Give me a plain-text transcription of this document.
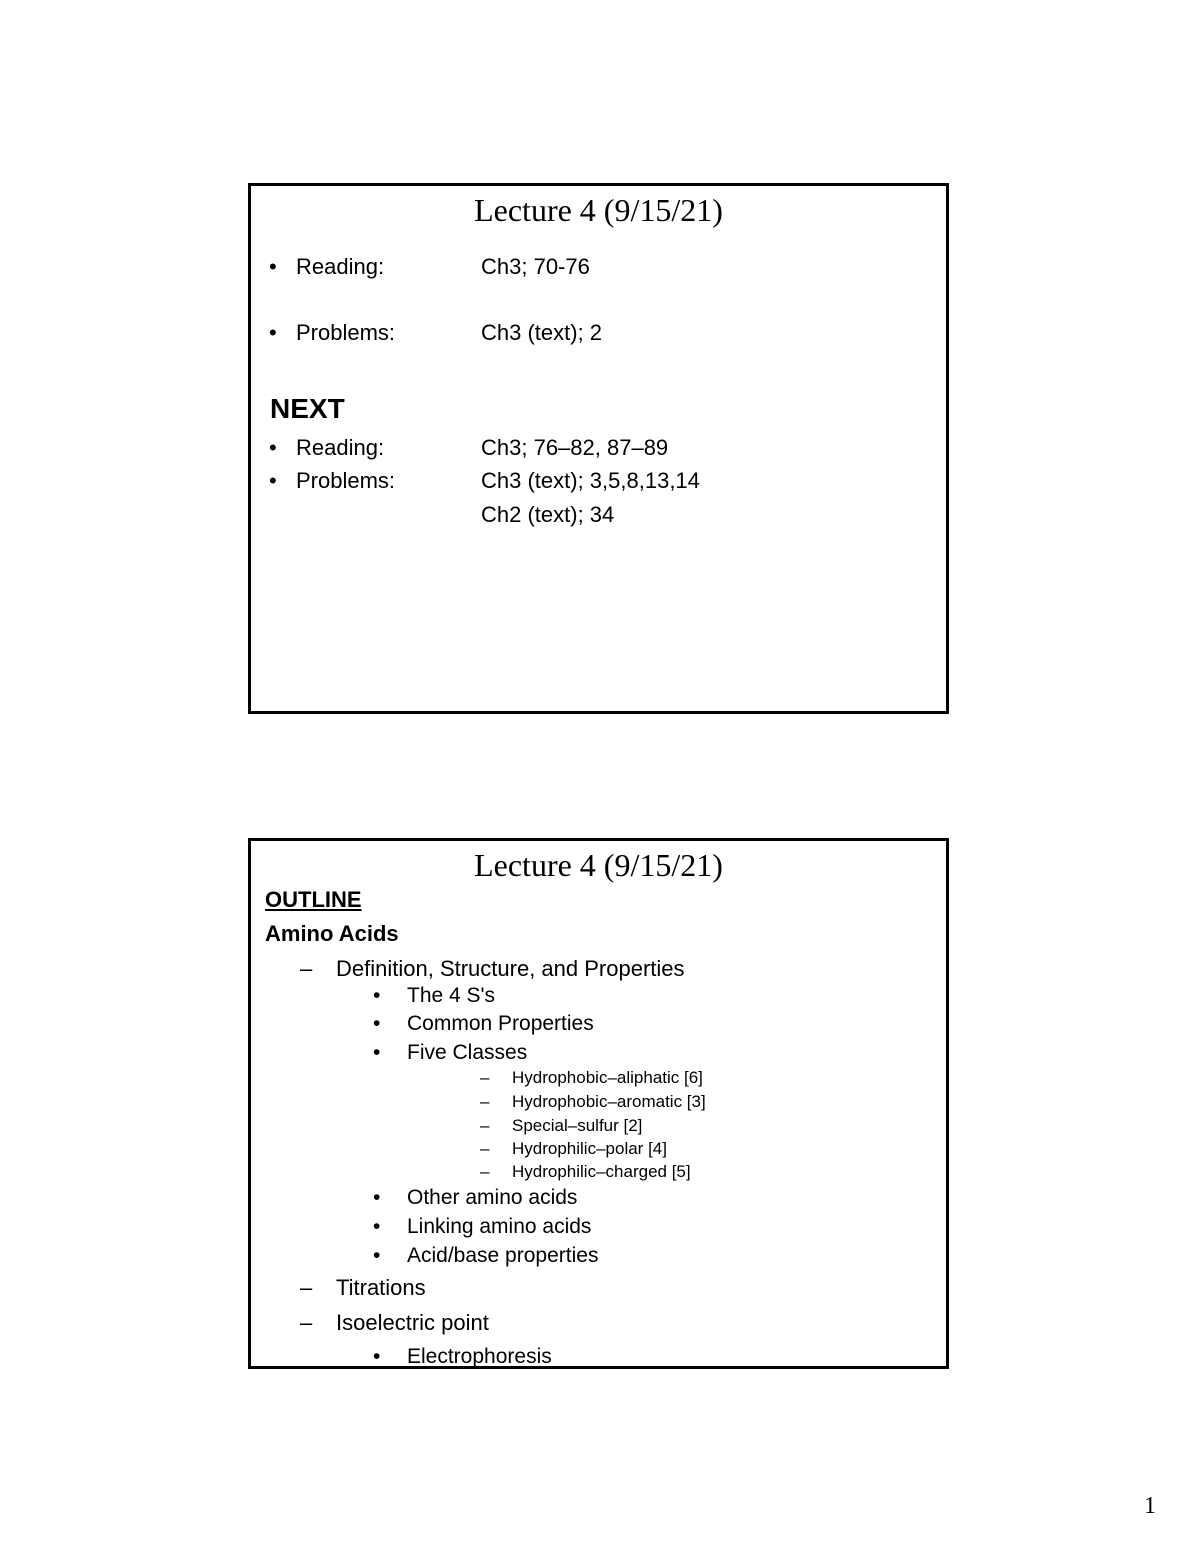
Lecture 4 (9/15/21)
• Reading:	Ch3; 70-76
• Problems:	Ch3 (text); 2
NEXT
• Reading:	Ch3; 76–82, 87–89
• Problems:	Ch3 (text); 3,5,8,13,14
Ch2 (text); 34
Lecture 4 (9/15/21)
OUTLINE
Amino Acids
– Definition, Structure, and Properties
• The 4 S's
• Common Properties
• Five Classes
– Hydrophobic–aliphatic [6]
– Hydrophobic–aromatic [3]
– Special–sulfur [2]
– Hydrophilic–polar [4]
– Hydrophilic–charged [5]
• Other amino acids
• Linking amino acids
• Acid/base properties
– Titrations
– Isoelectric point
• Electrophoresis
1
